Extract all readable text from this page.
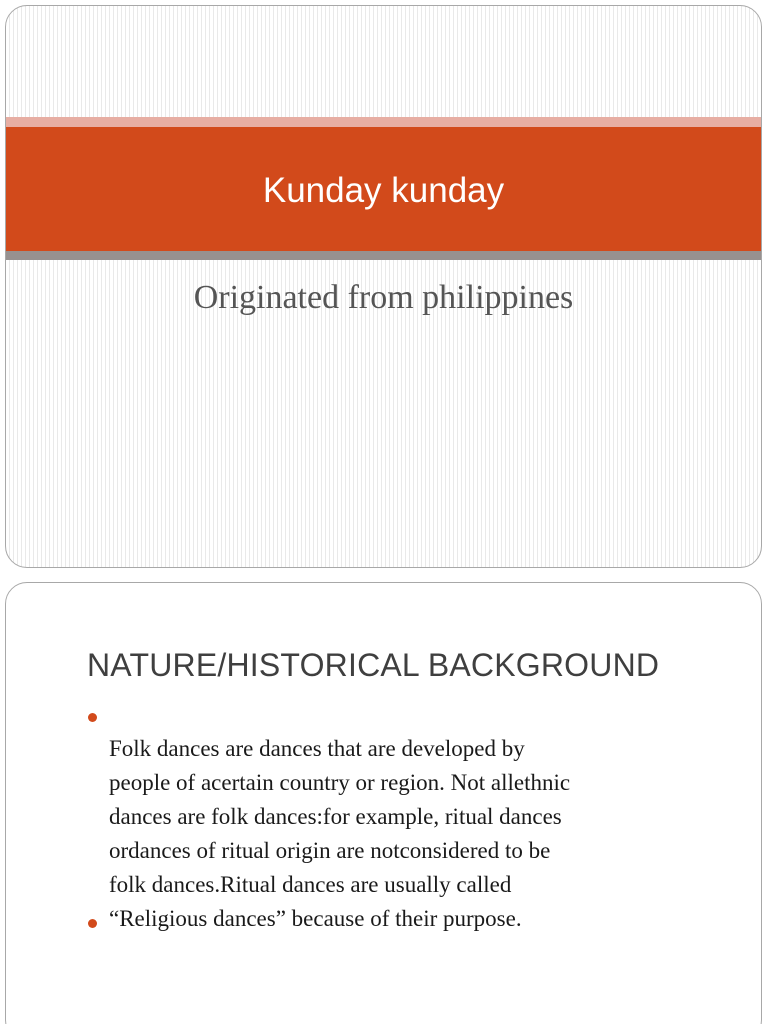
Kunday kunday
Originated from philippines
NATURE/HISTORICAL BACKGROUND
Folk dances are dances that are developed by
people of acertain country or region. Not allethnic
dances are folk dances:for example, ritual dances
ordances of ritual origin are notconsidered to be
folk dances.Ritual dances are usually called
“Religious dances” because of their purpose.
